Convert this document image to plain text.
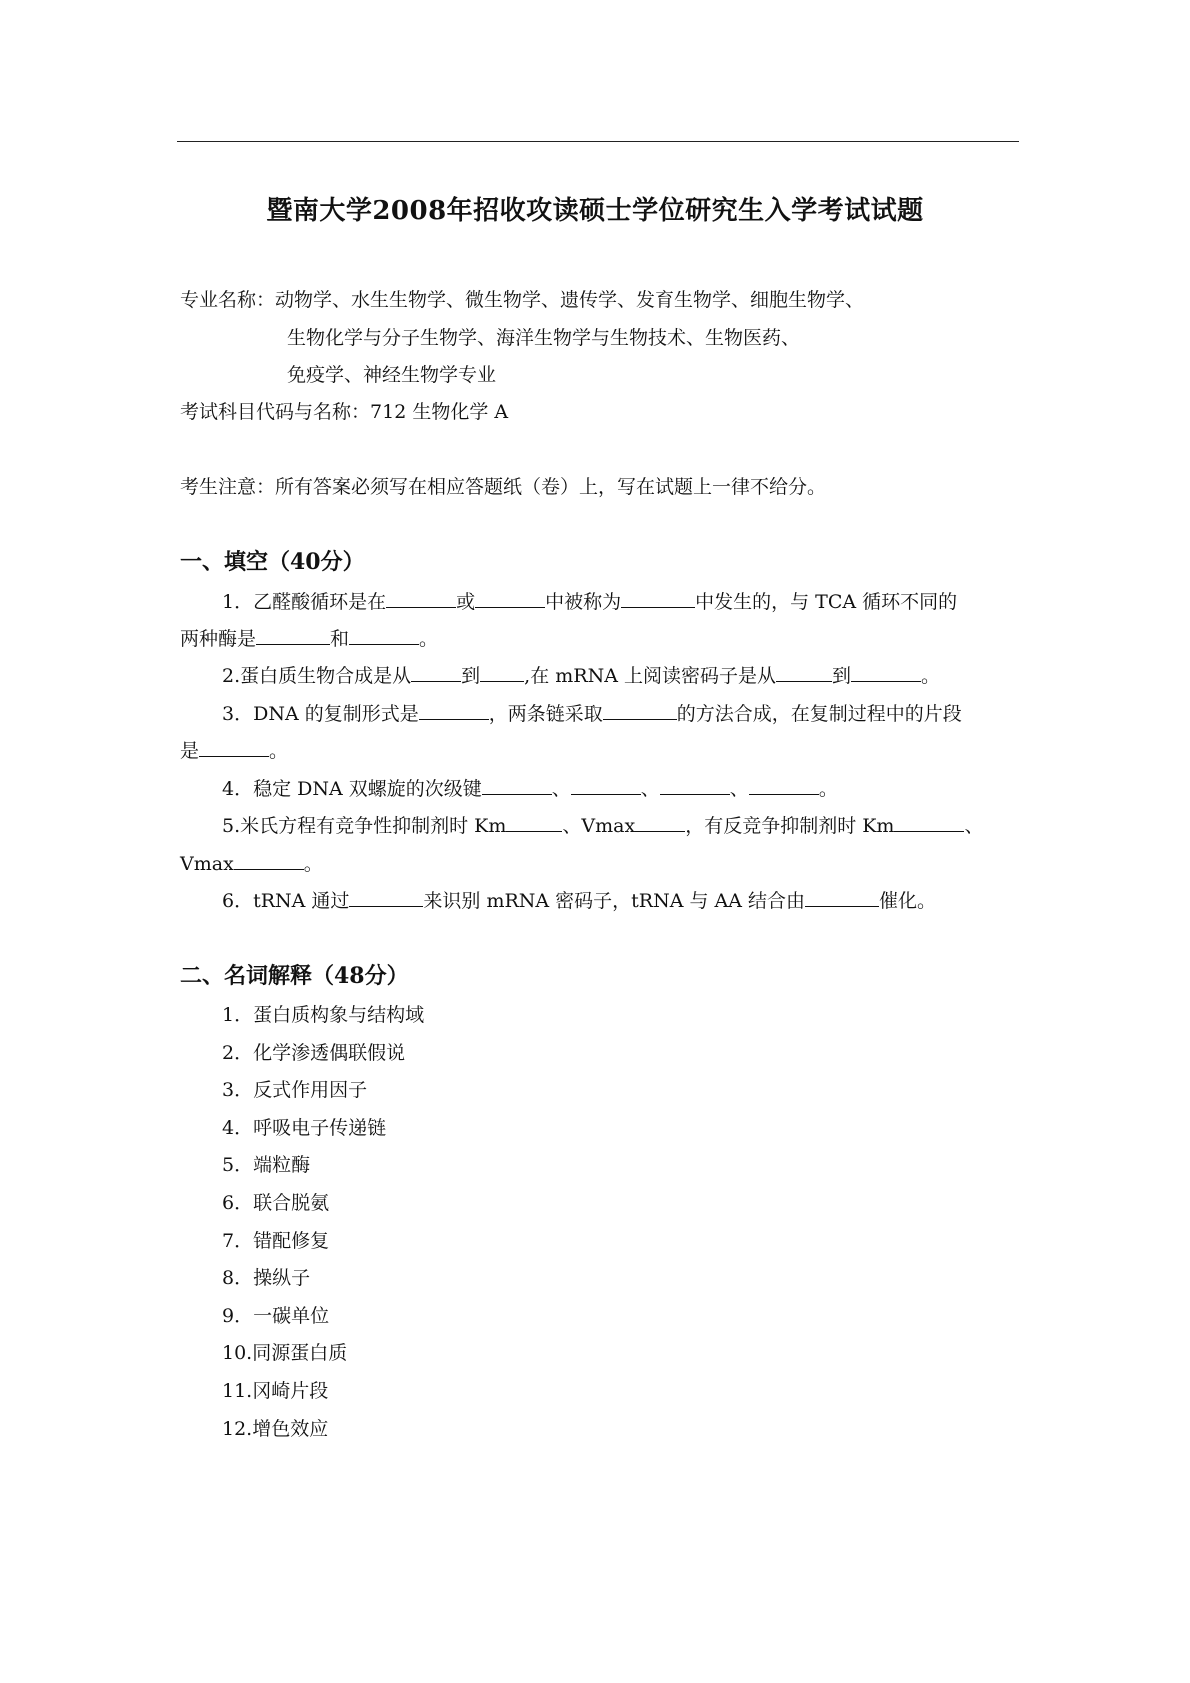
暨南大学2008年招收攻读硕士学位研究生入学考试试题
专业名称：动物学、水生生物学、微生物学、遗传学、发育生物学、细胞生物学、
生物化学与分子生物学、海洋生物学与生物技术、生物医药、
免疫学、神经生物学专业
考试科目代码与名称：712 生物化学 A
考生注意：所有答案必须写在相应答题纸（卷）上，写在试题上一律不给分。
一、填空（40分）
1．乙醛酸循环是在	或	中被称为	中发生的，与 TCA 循环不同的
两种酶是	和	。
2.蛋白质生物合成是从	到 ,在 mRNA 上阅读密码子是从	到	。
3．DNA 的复制形式是	，两条链采取	的方法合成，在复制过程中的片段
是	。
4．稳定 DNA 双螺旋的次级键	、	、	、	。
5.米氏方程有竞争性抑制剂时 Km	、Vmax	，有反竞争抑制剂时 Km	、
Vmax	。
6．tRNA 通过	来识别 mRNA 密码子，tRNA 与 AA 结合由	催化。
二、名词解释（48分）
1．蛋白质构象与结构域
2．化学渗透偶联假说
3．反式作用因子
4．呼吸电子传递链
5．端粒酶
6．联合脱氨
7．错配修复
8．操纵子
9．一碳单位
10.同源蛋白质
11.冈崎片段
12.增色效应
